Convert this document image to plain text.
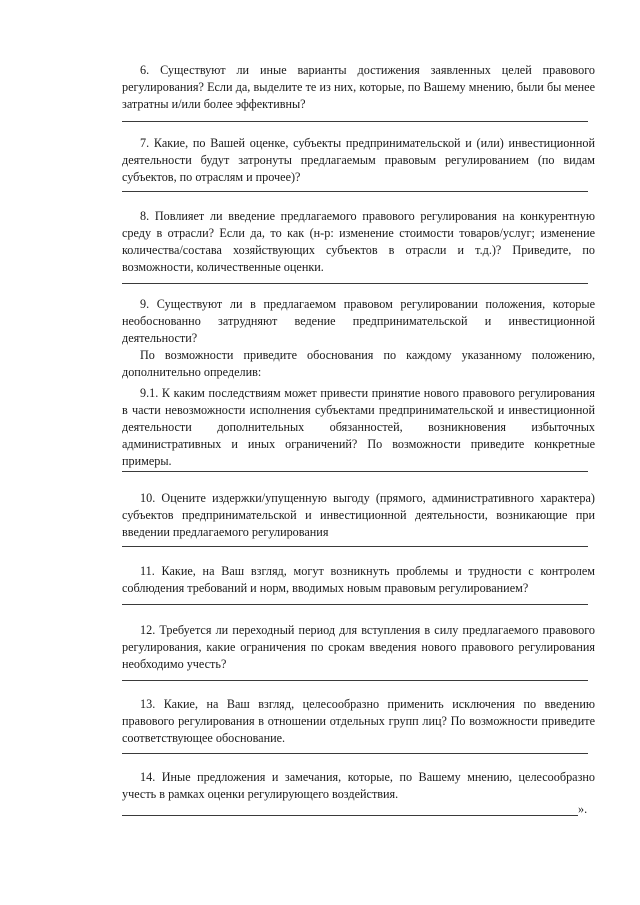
6. Существуют ли иные варианты достижения заявленных целей правового регулирования? Если да, выделите те из них, которые, по Вашему мнению, были бы менее затратны и/или более эффективны?

7. Какие, по Вашей оценке, субъекты предпринимательской и (или) инвестиционной деятельности будут затронуты предлагаемым правовым регулированием (по видам субъектов, по отраслям и прочее)?

8. Повлияет ли введение предлагаемого правового регулирования на конкурентную среду в отрасли? Если да, то как (н-р: изменение стоимости товаров/услуг; изменение количества/состава хозяйствующих субъектов в отрасли и т.д.)? Приведите, по возможности, количественные оценки.

9. Существуют ли в предлагаемом правовом регулировании положения, которые необоснованно затрудняют ведение предпринимательской и инвестиционной деятельности?

По возможности приведите обоснования по каждому указанному положению, дополнительно определив:

9.1. К каким последствиям может привести принятие нового правового регулирования в части невозможности исполнения субъектами предпринимательской и инвестиционной деятельности дополнительных обязанностей, возникновения избыточных административных и иных ограничений? По возможности приведите конкретные примеры.

10. Оцените издержки/упущенную выгоду (прямого, административного характера) субъектов предпринимательской и инвестиционной деятельности, возникающие при введении предлагаемого регулирования

11. Какие, на Ваш взгляд, могут возникнуть проблемы и трудности с контролем соблюдения требований и норм, вводимых новым правовым регулированием?

12. Требуется ли переходный период для вступления в силу предлагаемого правового регулирования, какие ограничения по срокам введения нового правового регулирования необходимо учесть?

13. Какие, на Ваш взгляд, целесообразно применить исключения по введению правового регулирования в отношении отдельных групп лиц? По возможности приведите соответствующее обоснование.

14. Иные предложения и замечания, которые, по Вашему мнению, целесообразно учесть в рамках оценки регулирующего воздействия.

».
